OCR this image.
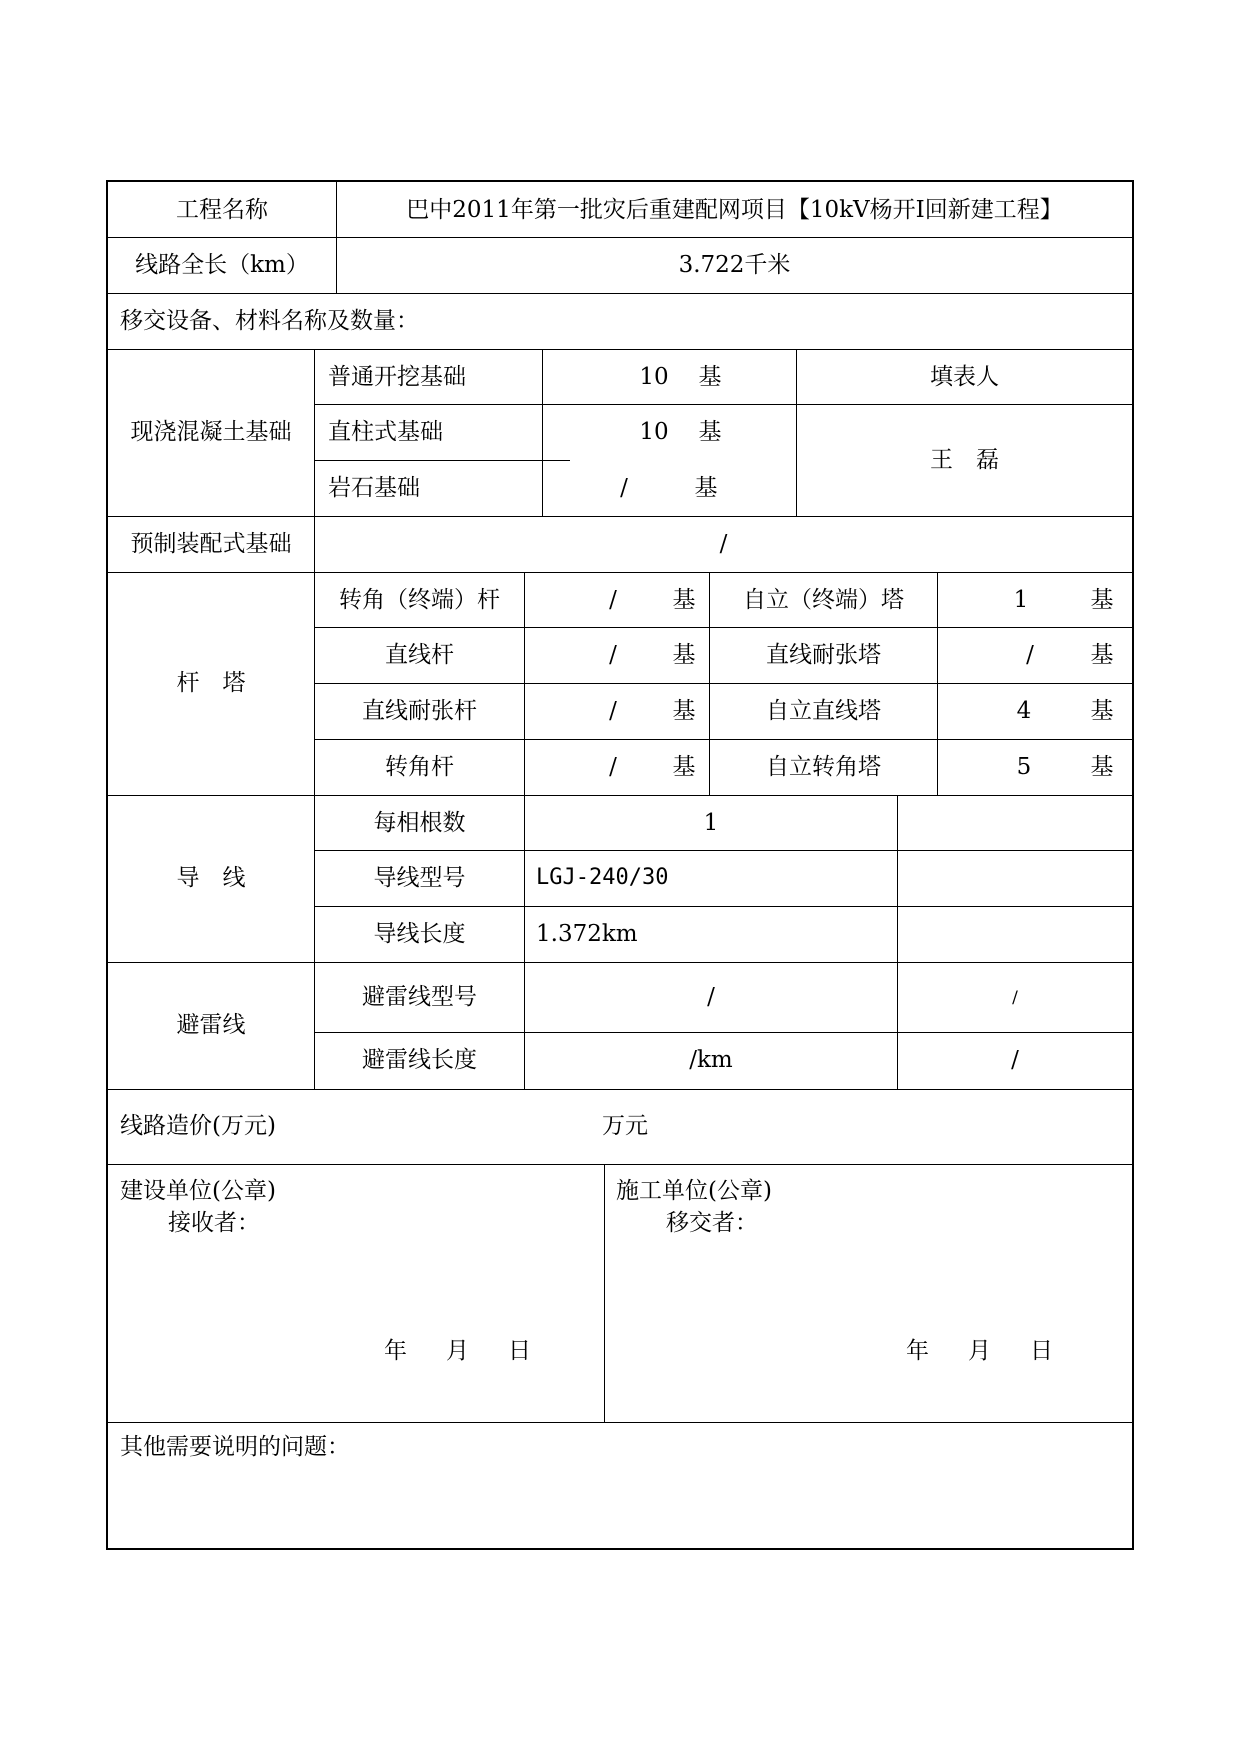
工程名称	巴中2011年第一批灾后重建配网项目【10kV杨开Ⅰ回新建工程】
线路全长（km）	3.722千米
移交设备、材料名称及数量：
现浇混凝土基础
普通开挖基础	10	基
直柱式基础	10	基
岩石基础	/	基
填表人
王　磊
预制装配式基础	/
杆　塔
转角（终端）杆	/	基	自立（终端）塔	1	基
直线杆	/	基	直线耐张塔	/	基
直线耐张杆	/	基	自立直线塔	4	基
转角杆	/	基	自立转角塔	5	基
导　线
每相根数	1
导线型号	LGJ-240/30
导线长度	1.372km
避雷线
避雷线型号	/	/
避雷线长度	/km	/
线路造价(万元)	万元
建设单位(公章)
接收者：
年 月 日
施工单位(公章)
移交者：
年 月 日
其他需要说明的问题：
